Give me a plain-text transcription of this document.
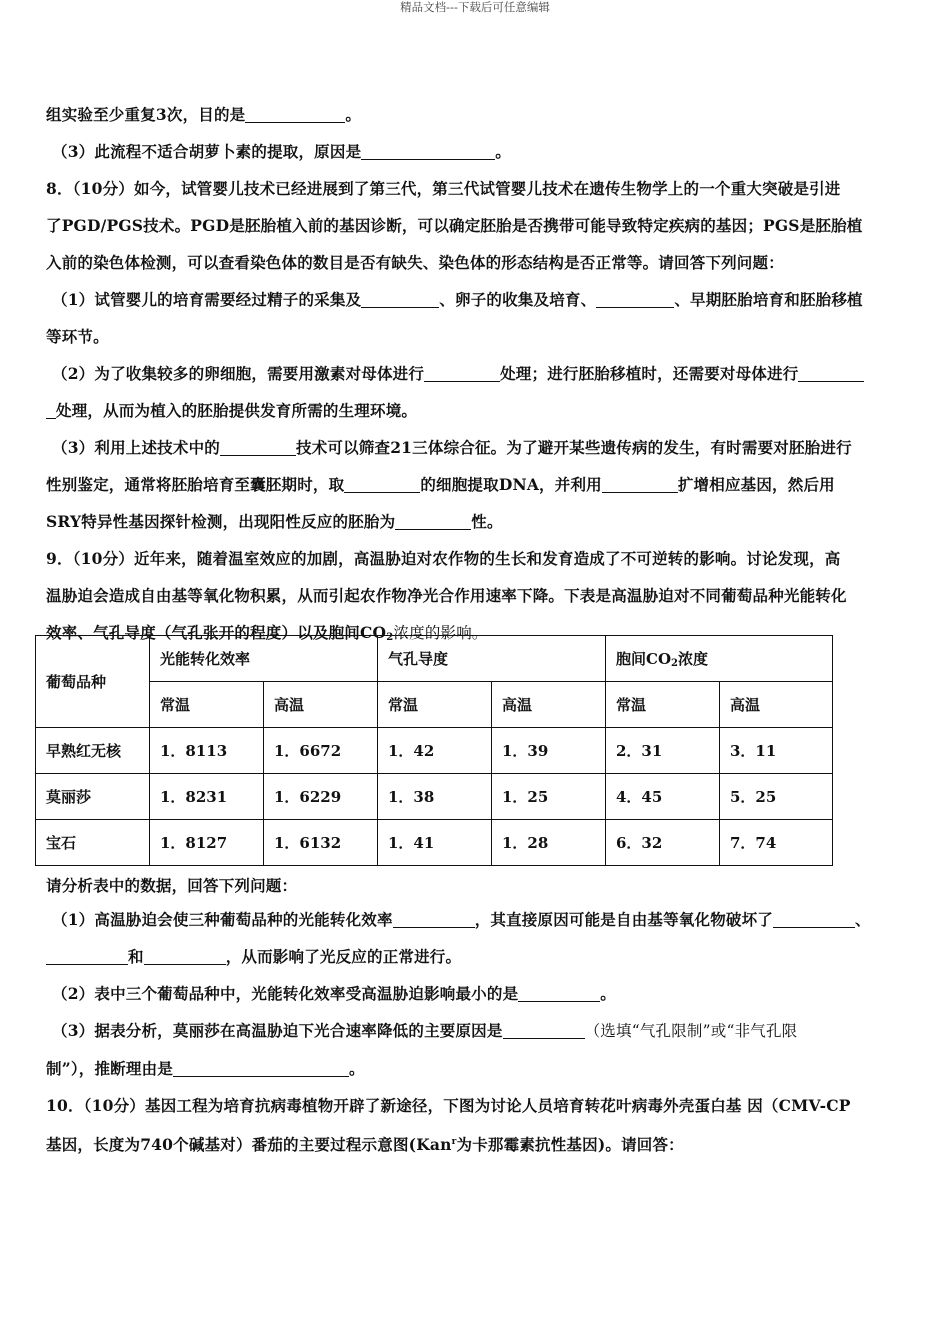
精品文档---下载后可任意编辑
组实验至少重复3次，目的是	。
（3）此流程不适合胡萝卜素的提取，原因是	。
8．（10分）如今，试管婴儿技术已经进展到了第三代，第三代试管婴儿技术在遗传生物学上的一个重大突破是引进
了PGD/PGS技术。PGD是胚胎植入前的基因诊断，可以确定胚胎是否携带可能导致特定疾病的基因；PGS是胚胎植
入前的染色体检测，可以查看染色体的数目是否有缺失、染色体的形态结构是否正常等。请回答下列问题：
（1）试管婴儿的培育需要经过精子的采集及	、卵子的收集及培育、	、早期胚胎培育和胚胎移植
等环节。
（2）为了收集较多的卵细胞，需要用激素对母体进行	处理；进行胚胎移植时，还需要对母体进行
处理，从而为植入的胚胎提供发育所需的生理环境。
（3）利用上述技术中的	技术可以筛查21三体综合征。为了避开某些遗传病的发生，有时需要对胚胎进行
性别鉴定，通常将胚胎培育至囊胚期时，取	的细胞提取DNA，并利用	扩增相应基因，然后用
SRY特异性基因探针检测，出现阳性反应的胚胎为	性。
9．（10分）近年来，随着温室效应的加剧，高温胁迫对农作物的生长和发育造成了不可逆转的影响。讨论发现，高
温胁迫会造成自由基等氧化物积累，从而引起农作物净光合作用速率下降。下表是高温胁迫对不同葡萄品种光能转化
效率、气孔导度（气孔张开的程度）以及胞间$CO_2$浓度的影响。
葡萄品种	光能转化效率		气孔导度		胞间$CO_2$浓度	
	常温	高温	常温	高温	常温	高温
早熟红无核	1．8113	1．6672	1．42	1．39	2．31	3．11
莫丽莎	1．8231	1．6229	1．38	1．25	4．45	5．25
宝石	1．8127	1．6132	1．41	1．28	6．32	7．74
请分析表中的数据，回答下列问题：
（1）高温胁迫会使三种葡萄品种的光能转化效率	，其直接原因可能是自由基等氧化物破坏了	、
和	，从而影响了光反应的正常进行。
（2）表中三个葡萄品种中，光能转化效率受高温胁迫影响最小的是	。
（3）据表分析，莫丽莎在高温胁迫下光合速率降低的主要原因是	（选填“气孔限制”或“非气孔限
制”），推断理由是	。
10．（10分）基因工程为培育抗病毒植物开辟了新途径，下图为讨论人员培育转花叶病毒外壳蛋白基 因（CMV-CP
基因，长度为740个碱基对）番茄的主要过程示意图(Kan$^r$为卡那霉素抗性基因)。请回答：
